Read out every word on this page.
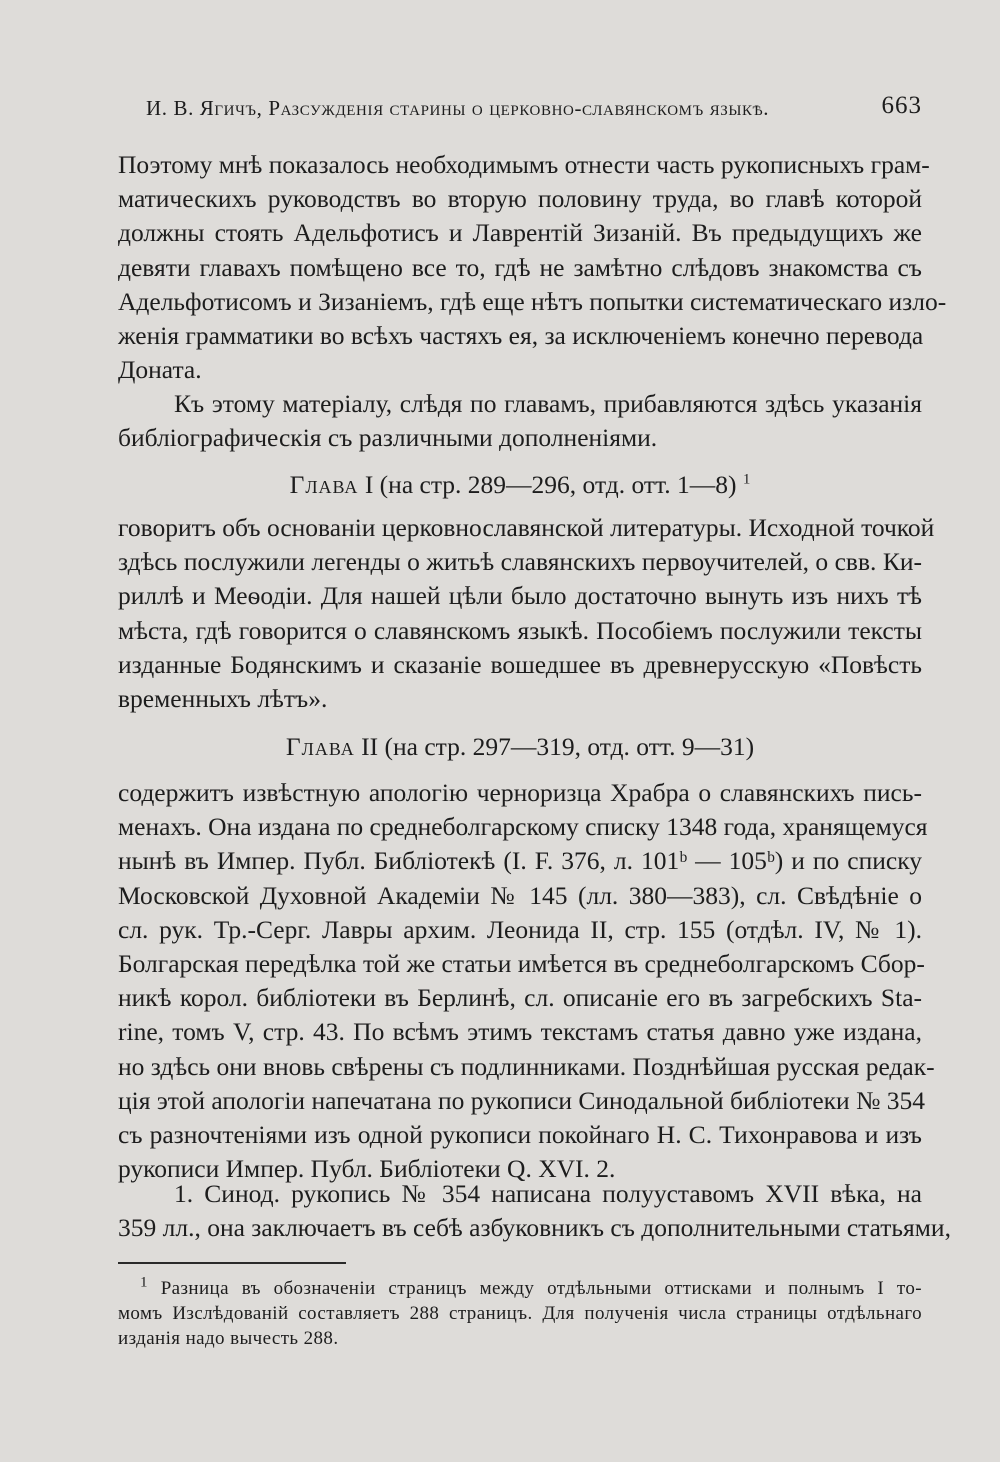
И. В. Ягичъ, Разсужденія старины о церковно-славянскомъ языкѣ.	663
Поэтому мнѣ показалось необходимымъ отнести часть рукописныхъ грам-
матическихъ руководствъ во вторую половину труда, во главѣ которой
должны стоять Адельфотисъ и Лаврентій Зизаній. Въ предыдущихъ же
девяти главахъ помѣщено все то, гдѣ не замѣтно слѣдовъ знакомства съ
Адельфотисомъ и Зизаніемъ, гдѣ еще нѣтъ попытки систематическаго изло-
женія грамматики во всѣхъ частяхъ ея, за исключеніемъ конечно перевода
Доната.
Къ этому матеріалу, слѣдя по главамъ, прибавляются здѣсь указанія
библіографическія съ различными дополненіями.
Глава I (на стр. 289—296, отд. отт. 1—8) $^1$
говоритъ объ основаніи церковнославянской литературы. Исходной точкой
здѣсь послужили легенды о житьѣ славянскихъ первоучителей, о свв. Ки-
риллѣ и Меѳодіи. Для нашей цѣли было достаточно вынуть изъ нихъ тѣ
мѣста, гдѣ говорится о славянскомъ языкѣ. Пособіемъ послужили тексты
изданные Бодянскимъ и сказаніе вошедшее въ древнерусскую «Повѣсть
временныхъ лѣтъ».
Глава II (на стр. 297—319, отд. отт. 9—31)
содержитъ извѣстную апологію черноризца Храбра о славянскихъ пись-
менахъ. Она издана по среднеболгарскому списку 1348 года, хранящемуся
нынѣ въ Импер. Публ. Библіотекѣ (I. F. 376, л. 101ᵇ — 105ᵇ) и по списку
Московской Духовной Академіи № 145 (лл. 380—383), сл. Свѣдѣніе о
сл. рук. Тр.-Серг. Лавры архим. Леонида II, стр. 155 (отдѣл. IV, № 1).
Болгарская передѣлка той же статьи имѣется въ среднеболгарскомъ Сбор-
никѣ корол. библіотеки въ Берлинѣ, сл. описаніе его въ загребскихъ Sta-
rine, томъ V, стр. 43. По всѣмъ этимъ текстамъ статья давно уже издана,
но здѣсь они вновь свѣрены съ подлинниками. Позднѣйшая русская редак-
ція этой апологіи напечатана по рукописи Синодальной библіотеки № 354
съ разночтеніями изъ одной рукописи покойнаго Н. С. Тихонравова и изъ
рукописи Импер. Публ. Библіотеки Q. XVI. 2.
1. Синод. рукопись № 354 написана полууставомъ XVII вѣка, на
359 лл., она заключаетъ въ себѣ азбуковникъ съ дополнительными статьями,
$^1$ Разница въ обозначеніи страницъ между отдѣльными оттисками и полнымъ I то-
момъ Изслѣдованій составляетъ 288 страницъ. Для полученія числа страницы отдѣльнаго
изданія надо вычесть 288.
